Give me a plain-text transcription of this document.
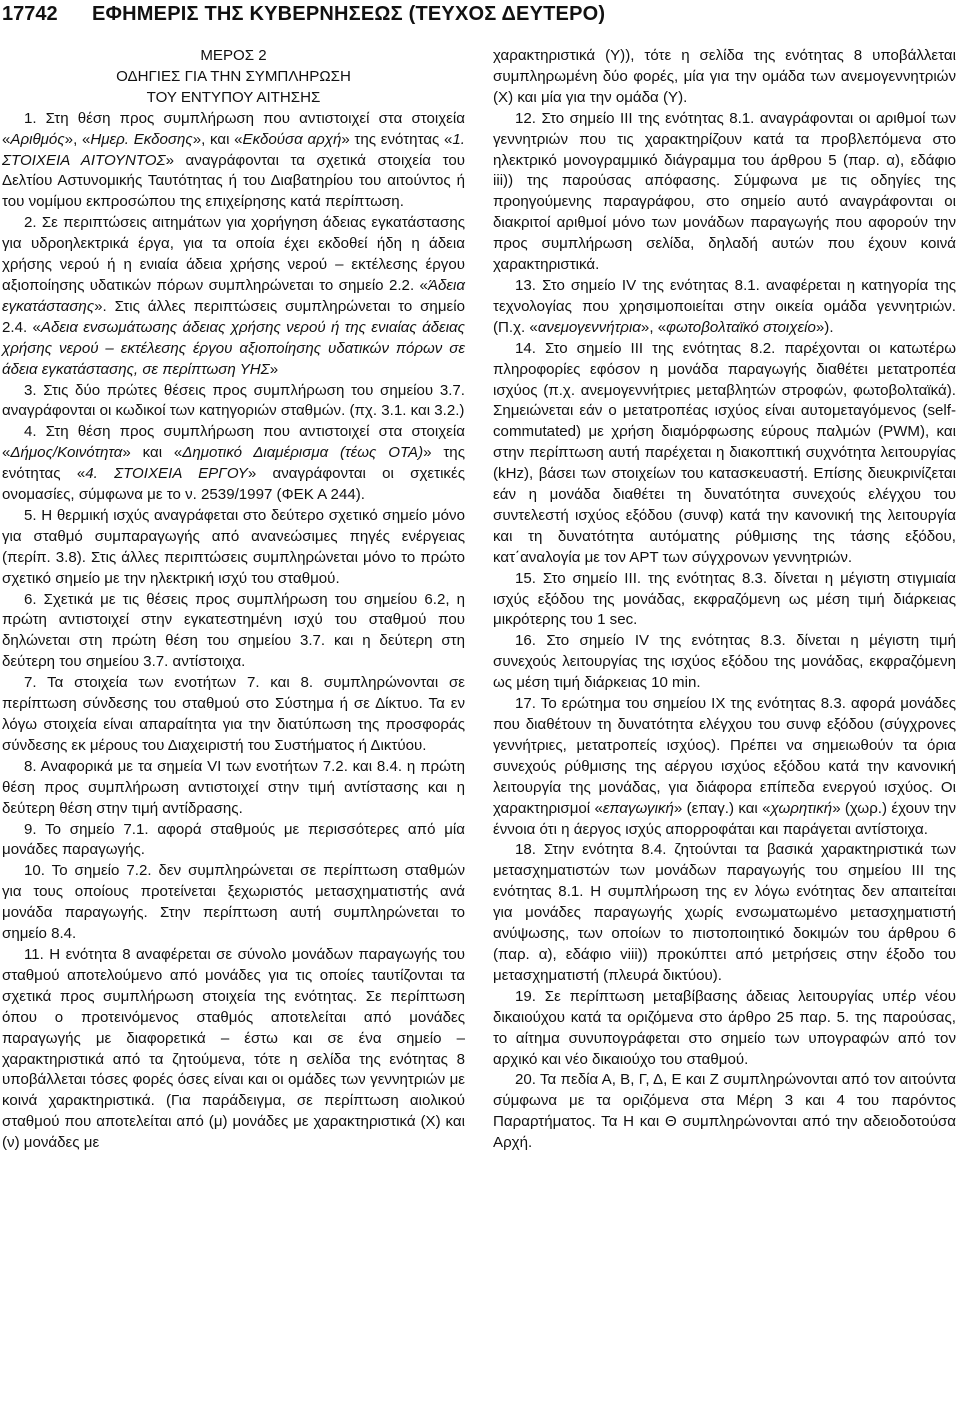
17742 ΕΦΗΜΕΡΙΣ ΤΗΣ ΚΥΒΕΡΝΗΣΕΩΣ (ΤΕΥΧΟΣ ΔΕΥΤΕΡΟ)

ΜΕΡΟΣ 2

ΟΔΗΓΙΕΣ ΓΙΑ ΤΗΝ ΣΥΜΠΛΗΡΩΣΗ

ΤΟΥ ΕΝΤΥΠΟΥ ΑΙΤΗΣΗΣ

1. Στη θέση προς συμπλήρωση που αντιστοιχεί στα στοιχεία «Αριθμός», «Ημερ. Εκδοσης», και «Εκδούσα αρχή» της ενότητας «1. ΣΤΟΙΧΕΙΑ ΑΙΤΟΥΝΤΟΣ» αναγράφονται τα σχετικά στοιχεία του Δελτίου Αστυνομικής Ταυτότητας ή του Διαβατηρίου του αιτούντος ή του νομίμου εκπροσώπου της επιχείρησης κατά περίπτωση.

2. Σε περιπτώσεις αιτημάτων για χορήγηση άδειας εγκατάστασης για υδροηλεκτρικά έργα, για τα οποία έχει εκδοθεί ήδη η άδεια χρήσης νερού ή η ενιαία άδεια χρήσης νερού – εκτέλεσης έργου αξιοποίησης υδατικών πόρων συμπληρώνεται το σημείο 2.2. «Άδεια εγκατάστασης». Στις άλλες περιπτώσεις συμπληρώνεται το σημείο 2.4. «Αδεια ενσωμάτωσης άδειας χρήσης νερού ή της ενιαίας άδειας χρήσης νερού – εκτέλεσης έργου αξιοποίησης υδατικών πόρων σε άδεια εγκατάστασης, σε περίπτωση ΥΗΣ»

3. Στις δύο πρώτες θέσεις προς συμπλήρωση του σημείου 3.7. αναγράφονται οι κωδικοί των κατηγοριών σταθμών. (πχ. 3.1. και 3.2.)

4. Στη θέση προς συμπλήρωση που αντιστοιχεί στα στοιχεία «Δήμος/Κοινότητα» και «Δημοτικό Διαμέρισμα (τέως ΟΤΑ)» της ενότητας «4. ΣΤΟΙΧΕΙΑ ΕΡΓΟΥ» αναγράφονται οι σχετικές ονομασίες, σύμφωνα με το ν. 2539/1997 (ΦΕΚ Α 244).

5. Η θερμική ισχύς αναγράφεται στο δεύτερο σχετικό σημείο μόνο για σταθμό συμπαραγωγής από ανανεώσιμες πηγές ενέργειας (περίπ. 3.8). Στις άλλες περιπτώσεις συμπληρώνεται μόνο το πρώτο σχετικό σημείο με την ηλεκτρική ισχύ του σταθμού.

6. Σχετικά με τις θέσεις προς συμπλήρωση του σημείου 6.2, η πρώτη αντιστοιχεί στην εγκατεστημένη ισχύ του σταθμού που δηλώνεται στη πρώτη θέση του σημείου 3.7. και η δεύτερη στη δεύτερη του σημείου 3.7. αντίστοιχα.

7. Τα στοιχεία των ενοτήτων 7. και 8. συμπληρώνονται σε περίπτωση σύνδεσης του σταθμού στο Σύστημα ή σε Δίκτυο. Τα εν λόγω στοιχεία είναι απαραίτητα για την διατύπωση της προσφοράς σύνδεσης εκ μέρους του Διαχειριστή του Συστήματος ή Δικτύου.

8. Αναφορικά με τα σημεία VI των ενοτήτων 7.2. και 8.4. η πρώτη θέση προς συμπλήρωση αντιστοιχεί στην τιμή αντίστασης και η δεύτερη θέση στην τιμή αντίδρασης.

9. Το σημείο 7.1. αφορά σταθμούς με περισσότερες από μία μονάδες παραγωγής.

10. Το σημείο 7.2. δεν συμπληρώνεται σε περίπτωση σταθμών για τους οποίους προτείνεται ξεχωριστός μετασχηματιστής ανά μονάδα παραγωγής. Στην περίπτωση αυτή συμπληρώνεται το σημείο 8.4.

11. Η ενότητα 8 αναφέρεται σε σύνολο μονάδων παραγωγής του σταθμού αποτελούμενο από μονάδες για τις οποίες ταυτίζονται τα σχετικά προς συμπλήρωση στοιχεία της ενότητας. Σε περίπτωση όπου ο προτεινόμενος σταθμός αποτελείται από μονάδες παραγωγής με διαφορετικά – έστω και σε ένα σημείο – χαρακτηριστικά από τα ζητούμενα, τότε η σελίδα της ενότητας 8 υποβάλλεται τόσες φορές όσες είναι και οι ομάδες των γεννητριών με κοινά χαρακτηριστικά. (Για παράδειγμα, σε περίπτωση αιολικού σταθμού που αποτελείται από (μ) μονάδες με χαρακτηριστικά (Χ) και (ν) μονάδες με

χαρακτηριστικά (Υ)), τότε η σελίδα της ενότητας 8 υποβάλλεται συμπληρωμένη δύο φορές, μία για την ομάδα των ανεμογεννητριών (Χ) και μία για την ομάδα (Υ).

12. Στο σημείο ΙΙΙ της ενότητας 8.1. αναγράφονται οι αριθμοί των γεννητριών που τις χαρακτηρίζουν κατά τα προβλεπόμενα στο ηλεκτρικό μονογραμμικό διάγραμμα του άρθρου 5 (παρ. α), εδάφιο iii)) της παρούσας απόφασης. Σύμφωνα με τις οδηγίες της προηγούμενης παραγράφου, στο σημείο αυτό αναγράφονται οι διακριτοί αριθμοί μόνο των μονάδων παραγωγής που αφορούν την προς συμπλήρωση σελίδα, δηλαδή αυτών που έχουν κοινά χαρακτηριστικά.

13. Στο σημείο ΙV της ενότητας 8.1. αναφέρεται η κατηγορία της τεχνολογίας που χρησιμοποιείται στην οικεία ομάδα γεννητριών. (Π.χ. «ανεμογεννήτρια», «φωτοβολταϊκό στοιχείο»).

14. Στο σημείο ΙΙΙ της ενότητας 8.2. παρέχονται οι κατωτέρω πληροφορίες εφόσον η μονάδα παραγωγής διαθέτει μετατροπέα ισχύος (π.χ. ανεμογεννήτριες μεταβλητών στροφών, φωτοβολταϊκά). Σημειώνεται εάν ο μετατροπέας ισχύος είναι αυτομεταγόμενος (self-commutated) με χρήση διαμόρφωσης εύρους παλμών (PWM), και στην περίπτωση αυτή παρέχεται η διακοπτική συχνότητα λειτουργίας (kHz), βάσει των στοιχείων του κατασκευαστή. Επίσης διευκρινίζεται εάν η μονάδα διαθέτει τη δυνατότητα συνεχούς ελέγχου του συντελεστή ισχύος εξόδου (συνφ) κατά την κανονική της λειτουργία και τη δυνατότητα αυτόματης ρύθμισης της τάσης εξόδου, κατ΄αναλογία με τον ΑΡΤ των σύγχρονων γεννητριών.

15. Στο σημείο ΙΙΙ. της ενότητας 8.3. δίνεται η μέγιστη στιγμιαία ισχύς εξόδου της μονάδας, εκφραζόμενη ως μέση τιμή διάρκειας μικρότερης του 1 sec.

16. Στο σημείο ΙV της ενότητας 8.3. δίνεται η μέγιστη τιμή συνεχούς λειτουργίας της ισχύος εξόδου της μονάδας, εκφραζόμενη ως μέση τιμή διάρκειας 10 min.

17. Το ερώτημα του σημείου ΙΧ της ενότητας 8.3. αφορά μονάδες που διαθέτουν τη δυνατότητα ελέγχου του συνφ εξόδου (σύγχρονες γεννήτριες, μετατροπείς ισχύος). Πρέπει να σημειωθούν τα όρια συνεχούς ρύθμισης της αέργου ισχύος εξόδου κατά την κανονική λειτουργία της μονάδας, για διάφορα επίπεδα ενεργού ισχύος. Οι χαρακτηρισμοί «επαγωγική» (επαγ.) και «χωρητική» (χωρ.) έχουν την έννοια ότι η άεργος ισχύς απορροφάται και παράγεται αντίστοιχα.

18. Στην ενότητα 8.4. ζητούνται τα βασικά χαρακτηριστικά των μετασχηματιστών των μονάδων παραγωγής του σημείου ΙΙΙ της ενότητας 8.1. Η συμπλήρωση της εν λόγω ενότητας δεν απαιτείται για μονάδες παραγωγής χωρίς ενσωματωμένο μετασχηματιστή ανύψωσης, των οποίων το πιστοποιητικό δοκιμών του άρθρου 6 (παρ. α), εδάφιο viii)) προκύπτει από μετρήσεις στην έξοδο του μετασχηματιστή (πλευρά δικτύου).

19. Σε περίπτωση μεταβίβασης άδειας λειτουργίας υπέρ νέου δικαιούχου κατά τα οριζόμενα στο άρθρο 25 παρ. 5. της παρούσας, το αίτημα συνυπογράφεται στο σημείο των υπογραφών από τον αρχικό και νέο δικαιούχο του σταθμού.

20. Τα πεδία Α, Β, Γ, Δ, Ε και Ζ συμπληρώνονται από τον αιτούντα σύμφωνα με τα οριζόμενα στα Μέρη 3 και 4 του παρόντος Παραρτήματος. Τα Η και Θ συμπληρώνονται από την αδειοδοτούσα Αρχή.
